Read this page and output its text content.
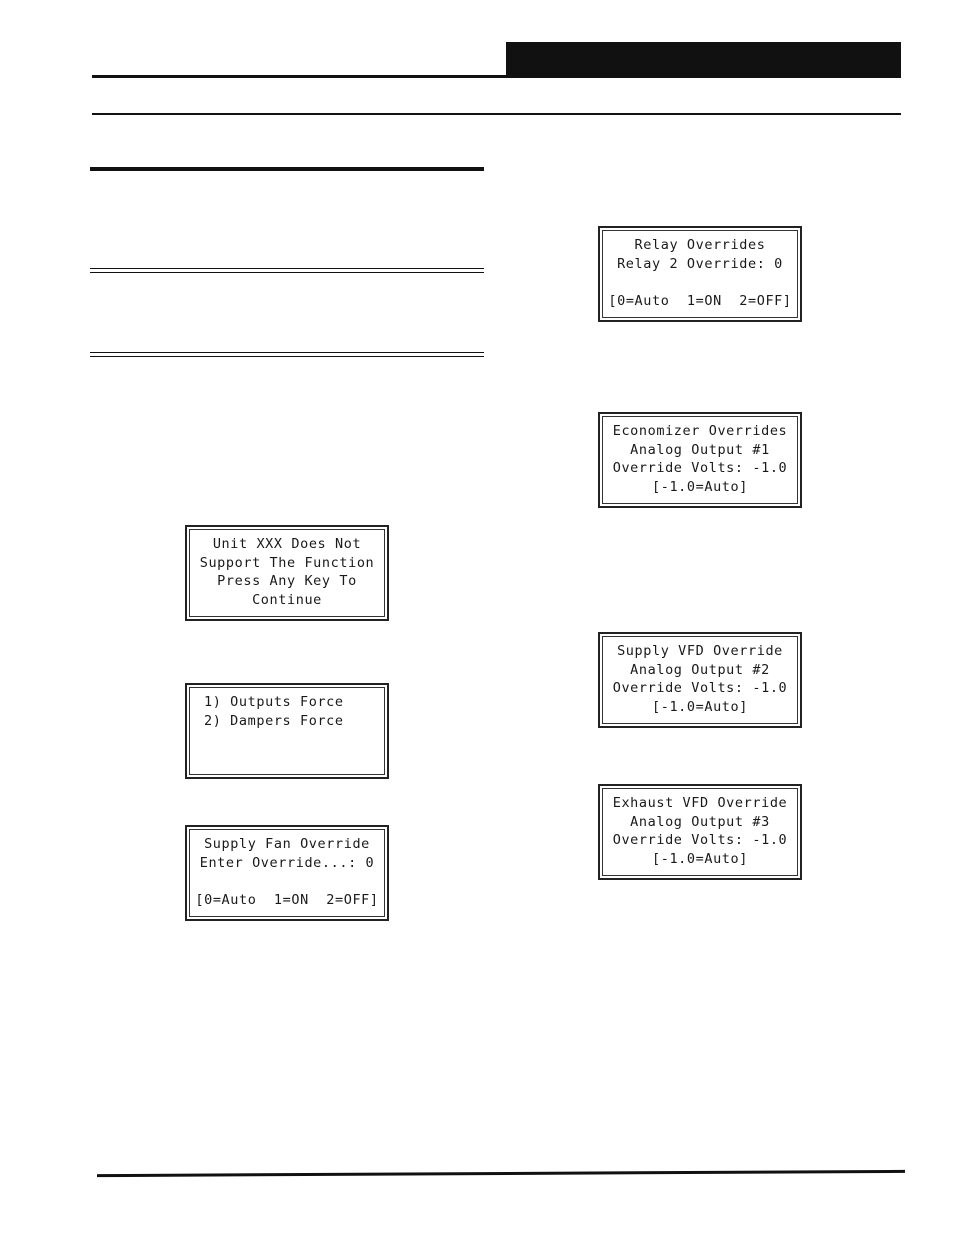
Unit XXX Does Not
Support The Function
Press Any Key To
Continue
1) Outputs Force
2) Dampers Force
Supply Fan Override
Enter Override...: 0
[0=Auto  1=ON  2=OFF]
Relay Overrides
Relay 2 Override: 0
[0=Auto  1=ON  2=OFF]
Economizer Overrides
Analog Output #1
Override Volts: -1.0
[-1.0=Auto]
Supply VFD Override
Analog Output #2
Override Volts: -1.0
[-1.0=Auto]
Exhaust VFD Override
Analog Output #3
Override Volts: -1.0
[-1.0=Auto]
